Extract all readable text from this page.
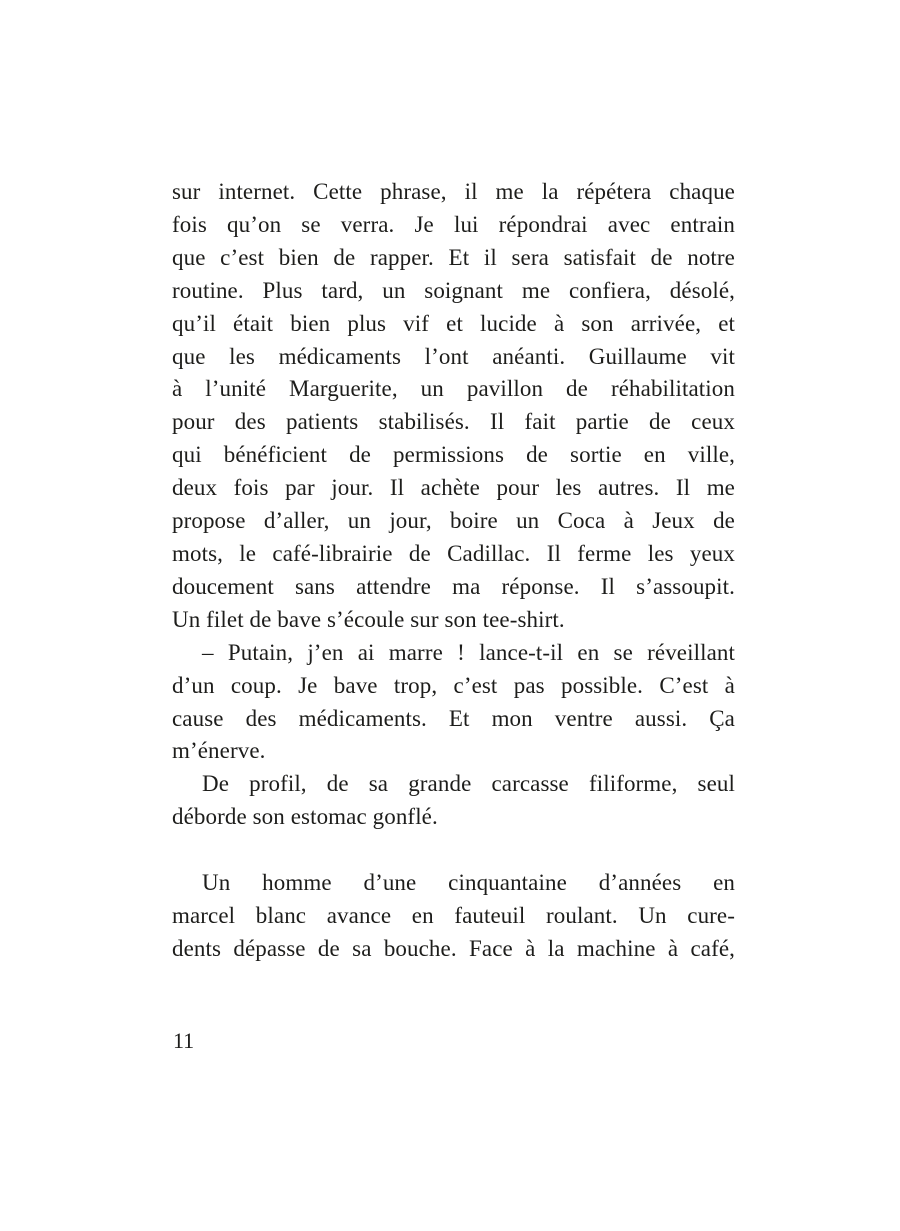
sur internet. Cette phrase, il me la répétera chaque
fois qu’on se verra. Je lui répondrai avec entrain
que c’est bien de rapper. Et il sera satisfait de notre
routine. Plus tard, un soignant me confiera, désolé,
qu’il était bien plus vif et lucide à son arrivée, et
que les médicaments l’ont anéanti. Guillaume vit
à l’unité Marguerite, un pavillon de réhabilitation
pour des patients stabilisés. Il fait partie de ceux
qui bénéficient de permissions de sortie en ville,
deux fois par jour. Il achète pour les autres. Il me
propose d’aller, un jour, boire un Coca à Jeux de
mots, le café-librairie de Cadillac. Il ferme les yeux
doucement sans attendre ma réponse. Il s’assoupit.
Un filet de bave s’écoule sur son tee-shirt.
– Putain, j’en ai marre ! lance-t-il en se réveillant
d’un coup. Je bave trop, c’est pas possible. C’est à
cause des médicaments. Et mon ventre aussi. Ça
m’énerve.
De profil, de sa grande carcasse filiforme, seul
déborde son estomac gonflé.
Un homme d’une cinquantaine d’années en
marcel blanc avance en fauteuil roulant. Un cure-
dents dépasse de sa bouche. Face à la machine à café,
11
